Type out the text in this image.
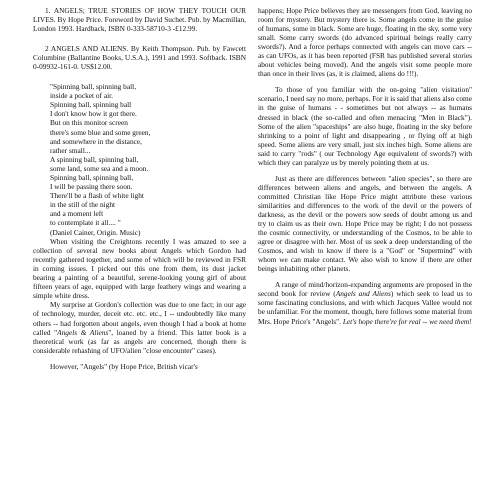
1. ANGELS; TRUE STORIES OF HOW THEY TOUCH OUR LIVES. By Hope Price. Foreword by David Suchet. Pub. by Macmillan, London 1993. Hardback, ISBN 0-333-58710-3 -£12.99.

2 ANGELS AND ALIENS. By Keith Thompson. Pub. by Fawcett Columbine (Ballantine Books, U.S.A.), 1991 and 1993. Softback. ISBN 0-09932-161-0. US$12.00.

"Spinning ball, spinning ball,
inside a pocket of air.
Spinning ball, spinning ball
I don't know how it got there.
But on this monitor screen
there's some blue and some green,
and somewhere in the distance,
rather small...
A spinning ball, spinning ball,
some land, some sea and a moon.
Spinning ball, spinning ball,
I will be passing there soon.
There'll be a flash of white light
in the still of the night
and a moment left
to contemplate it all.... "
(Daniel Cainer, Origin. Music)

When visiting the Creightons recently I was amazed to see a collection of several new books about Angels which Gordon had recently gathered together, and some of which will be reviewed in FSR in coming issues. I picked out this one from them, its dust jacket bearing a painting of a beautiful, serene-looking young girl of about fifteen years of age, equipped with large feathery wings and wearing a simple white dress.

My surprise at Gordon's collection was due to one fact; in our age of technology, murder, deceit etc. etc. etc., I -- undoubtedly like many others -- had forgotten about angels, even though I had a book at home called "Angels & Aliens", loaned by a friend. This latter book is a theoretical work (as far as angels are concerned, though there is considerable rehashing of UFO/alien "close encounter" cases).

However, "Angels" (by Hope Price, British vicar's

happens; Hope Price believes they are messengers from God, leaving no room for mystery. But mystery there is. Some angels come in the guise of humans, some in black. Some are huge, floating in the sky, some very small. Some carry swords (do advanced spiritual beings really carry swords?). And a force perhaps connected with angels can move cars -- as can UFOs, as it has been reported (FSR has published several stories about vehicles being moved). And the angels visit some people more than once in their lives (as, it is claimed, aliens do !!!).

To those of you familiar with the on-going "alien visitation" scenario, I need say no more, perhaps. For it is said that aliens also come in the guise of humans - - sometimes but not always -- as humans dressed in black (the so-called and often menacing "Men in Black"). Some of the alien "spaceships" are also huge, floating in the sky before shrinking to a point of light and disappearing , or flying off at high speed. Some aliens are very small, just six inches high. Some aliens are said to carry "rods" ( our Technology Age equivalent of swords?) with which they can paralyze us by merely pointing them at us.

Just as there are differences between "alien species", so there are differences between aliens and angels, and between the angels. A committed Christian like Hope Price might attribute these various similarities and differences to the work of the devil or the powers of darkness, as the devil or the powers sow seeds of doubt among us and try to claim us as their own. Hope Price may be right; I do not possess the cosmic connectivity, or understanding of the Cosmos, to be able to agree or disagree with her. Most of us seek a deep understanding of the Cosmos, and wish to know if there is a "God" or "Supermind" with whom we can make contact. We also wish to know if there are other beings inhabiting other planets.

A range of mind/horizon-expanding arguments are proposed in the second book for review (Angels and Aliens) which seek to lead us to some fascinating conclusions, and with which Jacques Vallee would not be unfamiliar. For the moment, though, here follows some material from Mrs. Hope Price's "Angels". Let's hope there're for real -- we need them!
